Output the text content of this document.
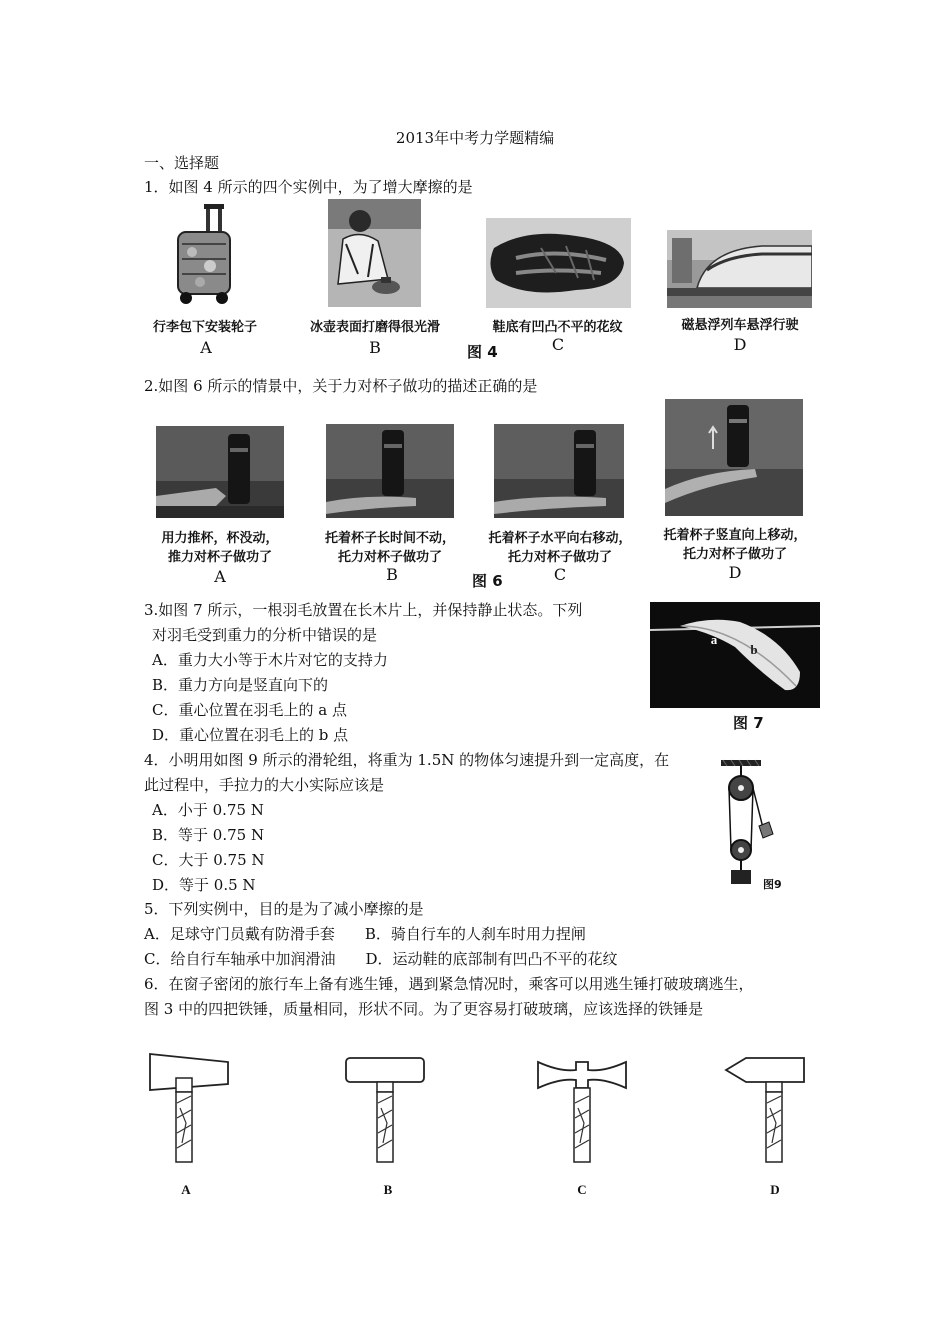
2013年中考力学题精编
一、选择题
1．如图 4 所示的四个实例中，为了增大摩擦的是
行李包下安装轮子	冰壶表面打磨得很光滑	鞋底有凹凸不平的花纹	磁悬浮列车悬浮行驶
A	B	C	D
图 4
2.如图 6 所示的情景中，关于力对杯子做功的描述正确的是
用力推杯，杯没动，
推力对杯子做功了
托着杯子长时间不动，
托力对杯子做功了
托着杯子水平向右移动，
托力对杯子做功了
托着杯子竖直向上移动，
托力对杯子做功了
A	B	C	D
图 6
3.如图 7 所示，一根羽毛放置在长木片上，并保持静止状态。下列
对羽毛受到重力的分析中错误的是
A．重力大小等于木片对它的支持力
B．重力方向是竖直向下的
C．重心位置在羽毛上的 a 点
D．重心位置在羽毛上的 b 点
a
b
图 7
4．小明用如图 9 所示的滑轮组，将重为 1.5N 的物体匀速提升到一定高度，在
此过程中，手拉力的大小实际应该是
A．小于 0.75 N
B．等于 0.75 N
C．大于 0.75 N
D．等于 0.5 N	图9
5．下列实例中，目的是为了减小摩擦的是
A．足球守门员戴有防滑手套　　B．骑自行车的人刹车时用力捏闸
C．给自行车轴承中加润滑油　　D．运动鞋的底部制有凹凸不平的花纹
6．在窗子密闭的旅行车上备有逃生锤，遇到紧急情况时，乘客可以用逃生锤打破玻璃逃生，
图 3 中的四把铁锤，质量相同，形状不同。为了更容易打破玻璃，应该选择的铁锤是
A	B	C	D
